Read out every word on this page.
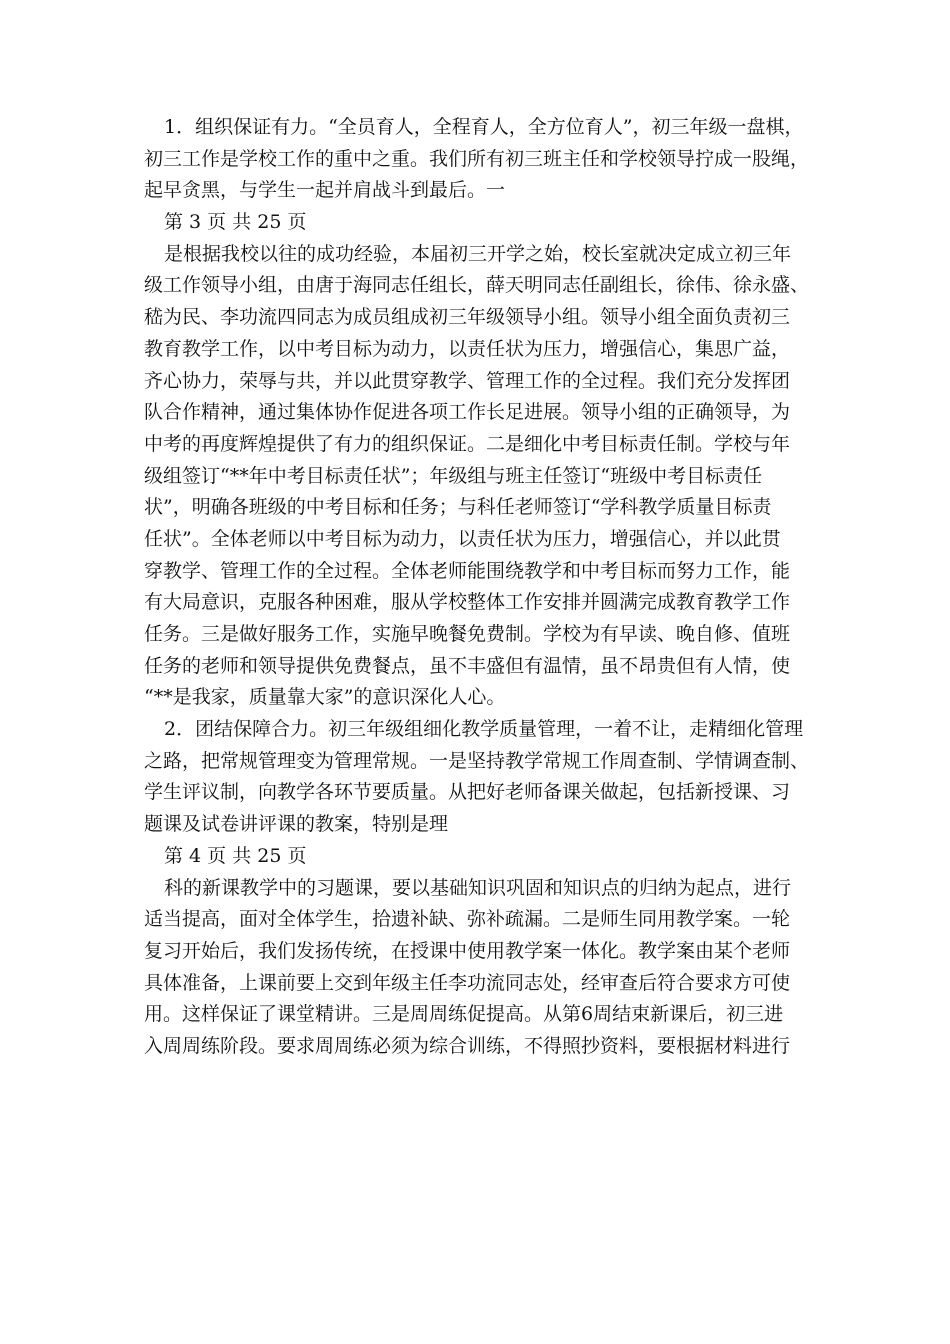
1．组织保证有力。“全员育人，全程育人，全方位育人”，初三年级一盘棋，
初三工作是学校工作的重中之重。我们所有初三班主任和学校领导拧成一股绳，
起早贪黑，与学生一起并肩战斗到最后。一
第 3 页 共 25 页
是根据我校以往的成功经验，本届初三开学之始，校长室就决定成立初三年
级工作领导小组，由唐于海同志任组长，薛天明同志任副组长，徐伟、徐永盛、
嵇为民、李功流四同志为成员组成初三年级领导小组。领导小组全面负责初三
教育教学工作，以中考目标为动力，以责任状为压力，增强信心，集思广益，
齐心协力，荣辱与共，并以此贯穿教学、管理工作的全过程。我们充分发挥团
队合作精神，通过集体协作促进各项工作长足进展。领导小组的正确领导，为
中考的再度辉煌提供了有力的组织保证。二是细化中考目标责任制。学校与年
级组签订“**年中考目标责任状”；年级组与班主任签订“班级中考目标责任
状”，明确各班级的中考目标和任务；与科任老师签订“学科教学质量目标责
任状”。全体老师以中考目标为动力，以责任状为压力，增强信心，并以此贯
穿教学、管理工作的全过程。全体老师能围绕教学和中考目标而努力工作，能
有大局意识，克服各种困难，服从学校整体工作安排并圆满完成教育教学工作
任务。三是做好服务工作，实施早晚餐免费制。学校为有早读、晚自修、值班
任务的老师和领导提供免费餐点，虽不丰盛但有温情，虽不昂贵但有人情，使
“**是我家，质量靠大家”的意识深化人心。
2．团结保障合力。初三年级组细化教学质量管理，一着不让，走精细化管理
之路，把常规管理变为管理常规。一是坚持教学常规工作周查制、学情调查制、
学生评议制，向教学各环节要质量。从把好老师备课关做起，包括新授课、习
题课及试卷讲评课的教案，特别是理
第 4 页 共 25 页
科的新课教学中的习题课，要以基础知识巩固和知识点的归纳为起点，进行
适当提高，面对全体学生，拾遗补缺、弥补疏漏。二是师生同用教学案。一轮
复习开始后，我们发扬传统，在授课中使用教学案一体化。教学案由某个老师
具体准备，上课前要上交到年级主任李功流同志处，经审查后符合要求方可使
用。这样保证了课堂精讲。三是周周练促提高。从第6周结束新课后，初三进
入周周练阶段。要求周周练必须为综合训练，不得照抄资料，要根据材料进行
